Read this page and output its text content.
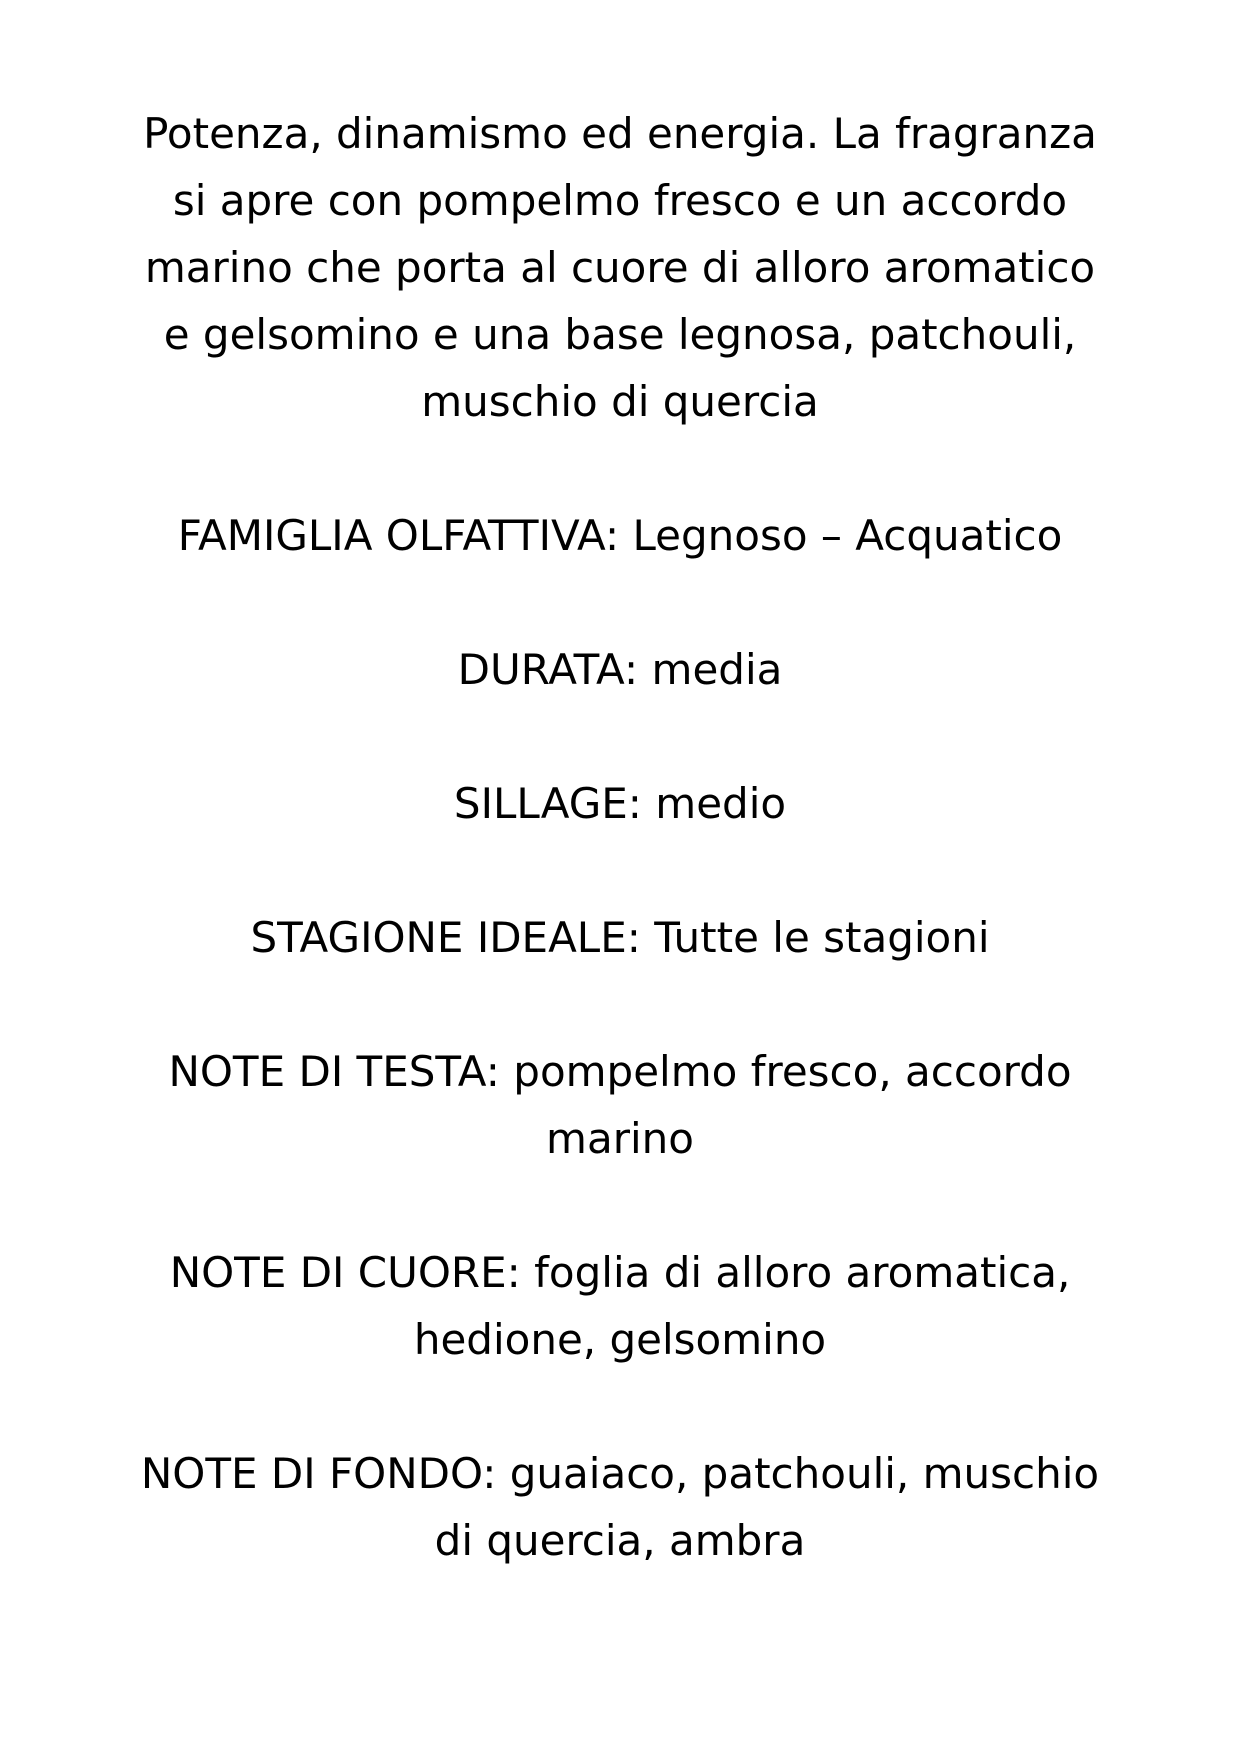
Potenza, dinamismo ed energia. La fragranza
si apre con pompelmo fresco e un accordo
marino che porta al cuore di alloro aromatico
e gelsomino e una base legnosa, patchouli,
muschio di quercia

FAMIGLIA OLFATTIVA: Legnoso – Acquatico

DURATA: media

SILLAGE: medio

STAGIONE IDEALE: Tutte le stagioni

NOTE DI TESTA: pompelmo fresco, accordo
marino

NOTE DI CUORE: foglia di alloro aromatica,
hedione, gelsomino

NOTE DI FONDO: guaiaco, patchouli, muschio
di quercia, ambra
